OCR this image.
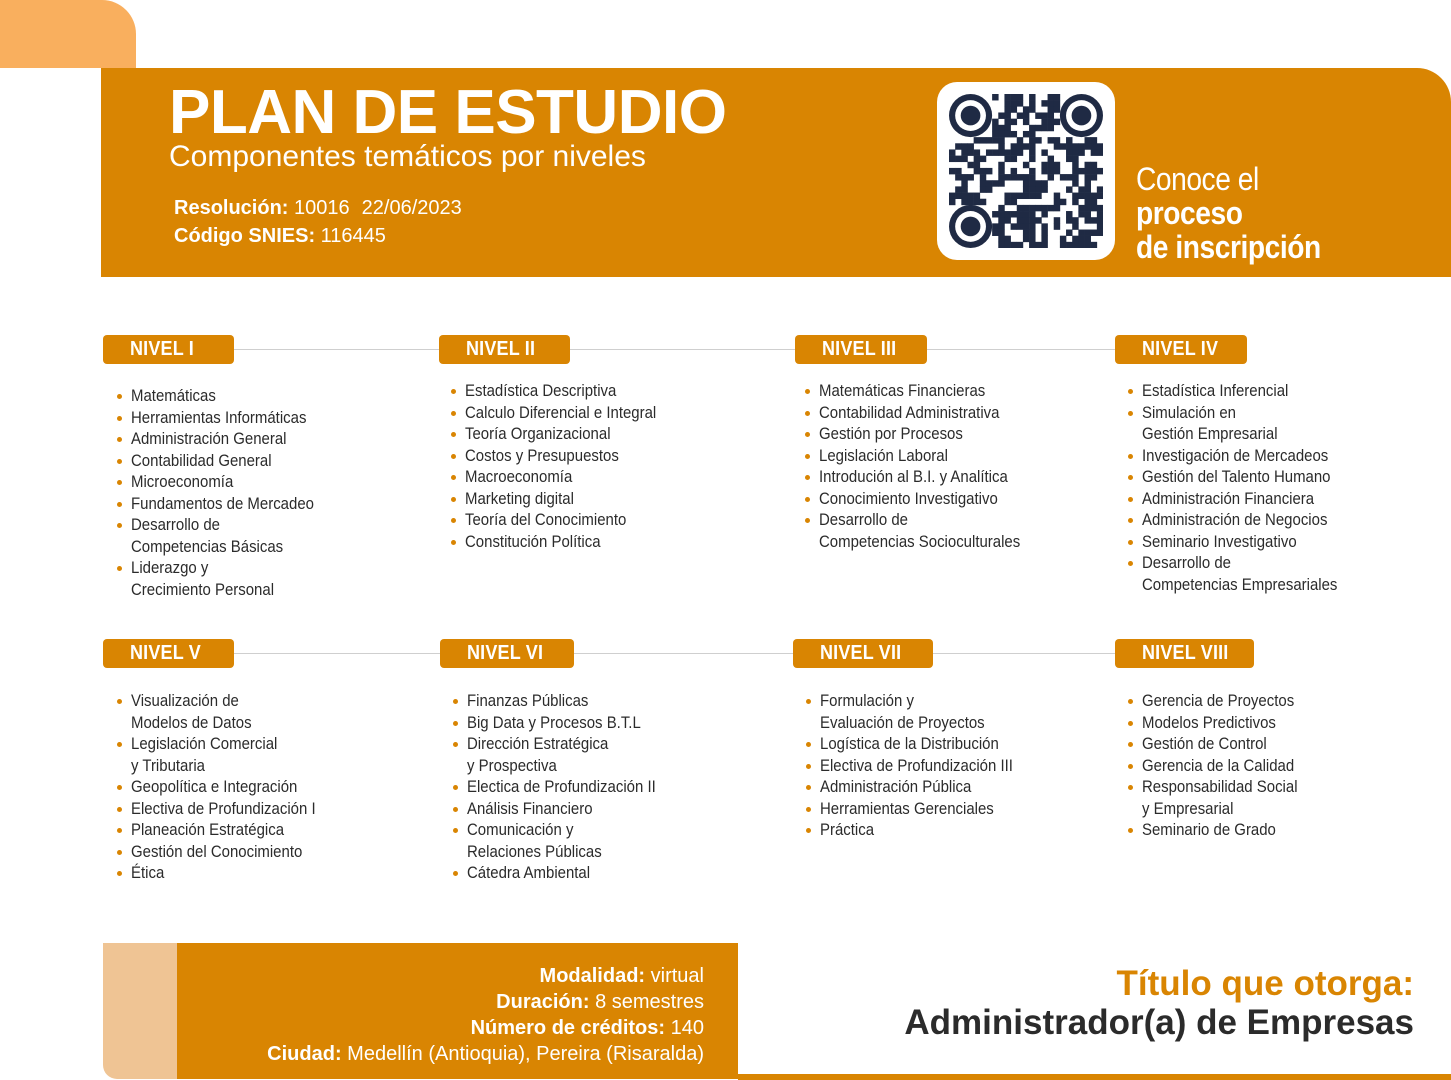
PLAN DE ESTUDIO
Componentes temáticos por niveles
Resolución: 10016 22/06/2023
Código SNIES: 116445
Conoce el
proceso
de inscripción
NIVEL I	NIVEL II	NIVEL III	NIVEL IV
NIVEL V	NIVEL VI	NIVEL VII	NIVEL VIII
Matemáticas
Herramientas Informáticas
Administración General
Contabilidad General
Microeconomía
Fundamentos de Mercadeo
Desarrollo de
Competencias Básicas
Liderazgo y
Crecimiento Personal
Estadística Descriptiva
Calculo Diferencial e Integral
Teoría Organizacional
Costos y Presupuestos
Macroeconomía
Marketing digital
Teoría del Conocimiento
Constitución Política
Matemáticas Financieras
Contabilidad Administrativa
Gestión por Procesos
Legislación Laboral
Introdución al B.I. y Analítica
Conocimiento Investigativo
Desarrollo de
Competencias Socioculturales
Estadística Inferencial
Simulación en
Gestión Empresarial
Investigación de Mercadeos
Gestión del Talento Humano
Administración Financiera
Administración de Negocios
Seminario Investigativo
Desarrollo de
Competencias Empresariales
Visualización de
Modelos de Datos
Legislación Comercial
y Tributaria
Geopolítica e Integración
Electiva de Profundización I
Planeación Estratégica
Gestión del Conocimiento
Ética
Finanzas Públicas
Big Data y Procesos B.T.L
Dirección Estratégica
y Prospectiva
Electica de Profundización II
Análisis Financiero
Comunicación y
Relaciones Públicas
Cátedra Ambiental
Formulación y
Evaluación de Proyectos
Logística de la Distribución
Electiva de Profundización III
Administración Pública
Herramientas Gerenciales
Práctica
Gerencia de Proyectos
Modelos Predictivos
Gestión de Control
Gerencia de la Calidad
Responsabilidad Social
y Empresarial
Seminario de Grado
Modalidad: virtual
Duración: 8 semestres
Número de créditos: 140
Ciudad: Medellín (Antioquia), Pereira (Risaralda)
Título que otorga:
Administrador(a) de Empresas
